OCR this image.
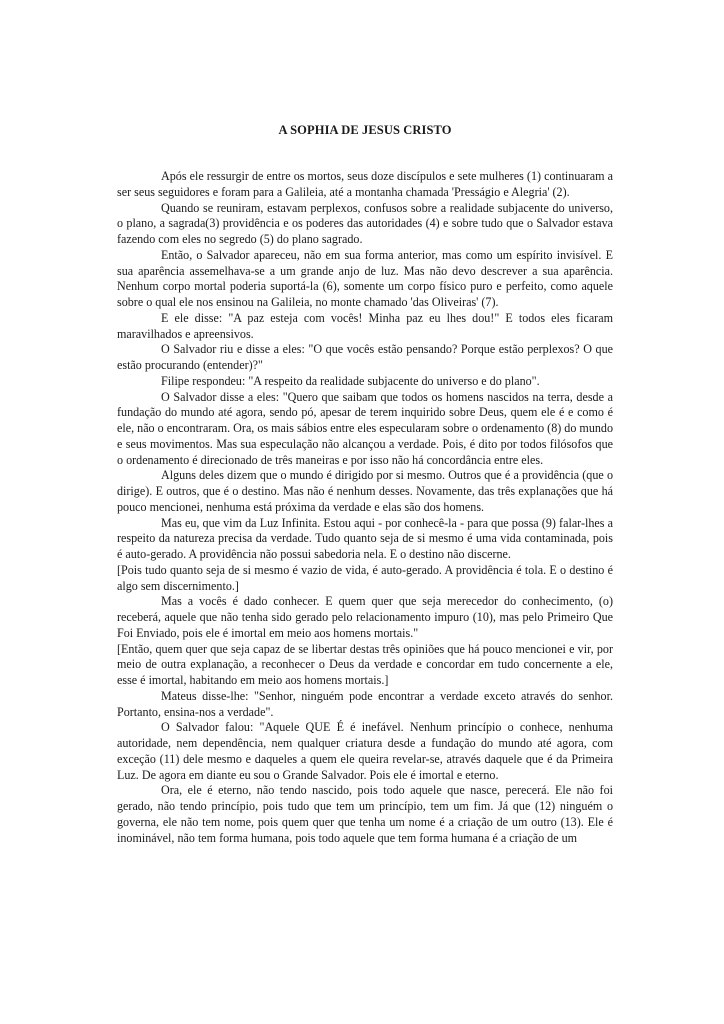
A SOPHIA DE JESUS CRISTO

Após ele ressurgir de entre os mortos, seus doze discípulos e sete mulheres (1) continuaram a ser seus seguidores e foram para a Galileia, até a montanha chamada 'Presságio e Alegria' (2).

Quando se reuniram, estavam perplexos, confusos sobre a realidade subjacente do universo, o plano, a sagrada(3) providência e os poderes das autoridades (4) e sobre tudo que o Salvador estava fazendo com eles no segredo (5) do plano sagrado.

Então, o Salvador apareceu, não em sua forma anterior, mas como um espírito invisível. E sua aparência assemelhava-se a um grande anjo de luz. Mas não devo descrever a sua aparência. Nenhum corpo mortal poderia suportá-la (6), somente um corpo físico puro e perfeito, como aquele sobre o qual ele nos ensinou na Galileia, no monte chamado 'das Oliveiras' (7).

E ele disse: "A paz esteja com vocês! Minha paz eu lhes dou!" E todos eles ficaram maravilhados e apreensivos.

O Salvador riu e disse a eles: "O que vocês estão pensando? Porque estão perplexos? O que estão procurando (entender)?"

Filipe respondeu: "A respeito da realidade subjacente do universo e do plano".

O Salvador disse a eles: "Quero que saibam que todos os homens nascidos na terra, desde a fundação do mundo até agora, sendo pó, apesar de terem inquirido sobre Deus, quem ele é e como é ele, não o encontraram. Ora, os mais sábios entre eles especularam sobre o ordenamento (8) do mundo e seus movimentos. Mas sua especulação não alcançou a verdade. Pois, é dito por todos filósofos que o ordenamento é direcionado de três maneiras e por isso não há concordância entre eles.

Alguns deles dizem que o mundo é dirigido por si mesmo. Outros que é a providência (que o dirige). E outros, que é o destino. Mas não é nenhum desses. Novamente, das três explanações que há pouco mencionei, nenhuma está próxima da verdade e elas são dos homens.

Mas eu, que vim da Luz Infinita. Estou aqui - por conhecê-la - para que possa (9) falar-lhes a respeito da natureza precisa da verdade. Tudo quanto seja de si mesmo é uma vida contaminada, pois é auto-gerado. A providência não possui sabedoria nela. E o destino não discerne.

[Pois tudo quanto seja de si mesmo é vazio de vida, é auto-gerado. A providência é tola. E o destino é algo sem discernimento.]

Mas a vocês é dado conhecer. E quem quer que seja merecedor do conhecimento, (o) receberá, aquele que não tenha sido gerado pelo relacionamento impuro (10), mas pelo Primeiro Que Foi Enviado, pois ele é imortal em meio aos homens mortais."

[Então, quem quer que seja capaz de se libertar destas três opiniões que há pouco mencionei e vir, por meio de outra explanação, a reconhecer o Deus da verdade e concordar em tudo concernente a ele, esse é imortal, habitando em meio aos homens mortais.]

Mateus disse-lhe: "Senhor, ninguém pode encontrar a verdade exceto através do senhor. Portanto, ensina-nos a verdade".

O Salvador falou: "Aquele QUE É é inefável. Nenhum princípio o conhece, nenhuma autoridade, nem dependência, nem qualquer criatura desde a fundação do mundo até agora, com exceção (11) dele mesmo e daqueles a quem ele queira revelar-se, através daquele que é da Primeira Luz. De agora em diante eu sou o Grande Salvador. Pois ele é imortal e eterno.

Ora, ele é eterno, não tendo nascido, pois todo aquele que nasce, perecerá. Ele não foi gerado, não tendo princípio, pois tudo que tem um princípio, tem um fim. Já que (12) ninguém o governa, ele não tem nome, pois quem quer que tenha um nome é a criação de um outro (13). Ele é inominável, não tem forma humana, pois todo aquele que tem forma humana é a criação de um
